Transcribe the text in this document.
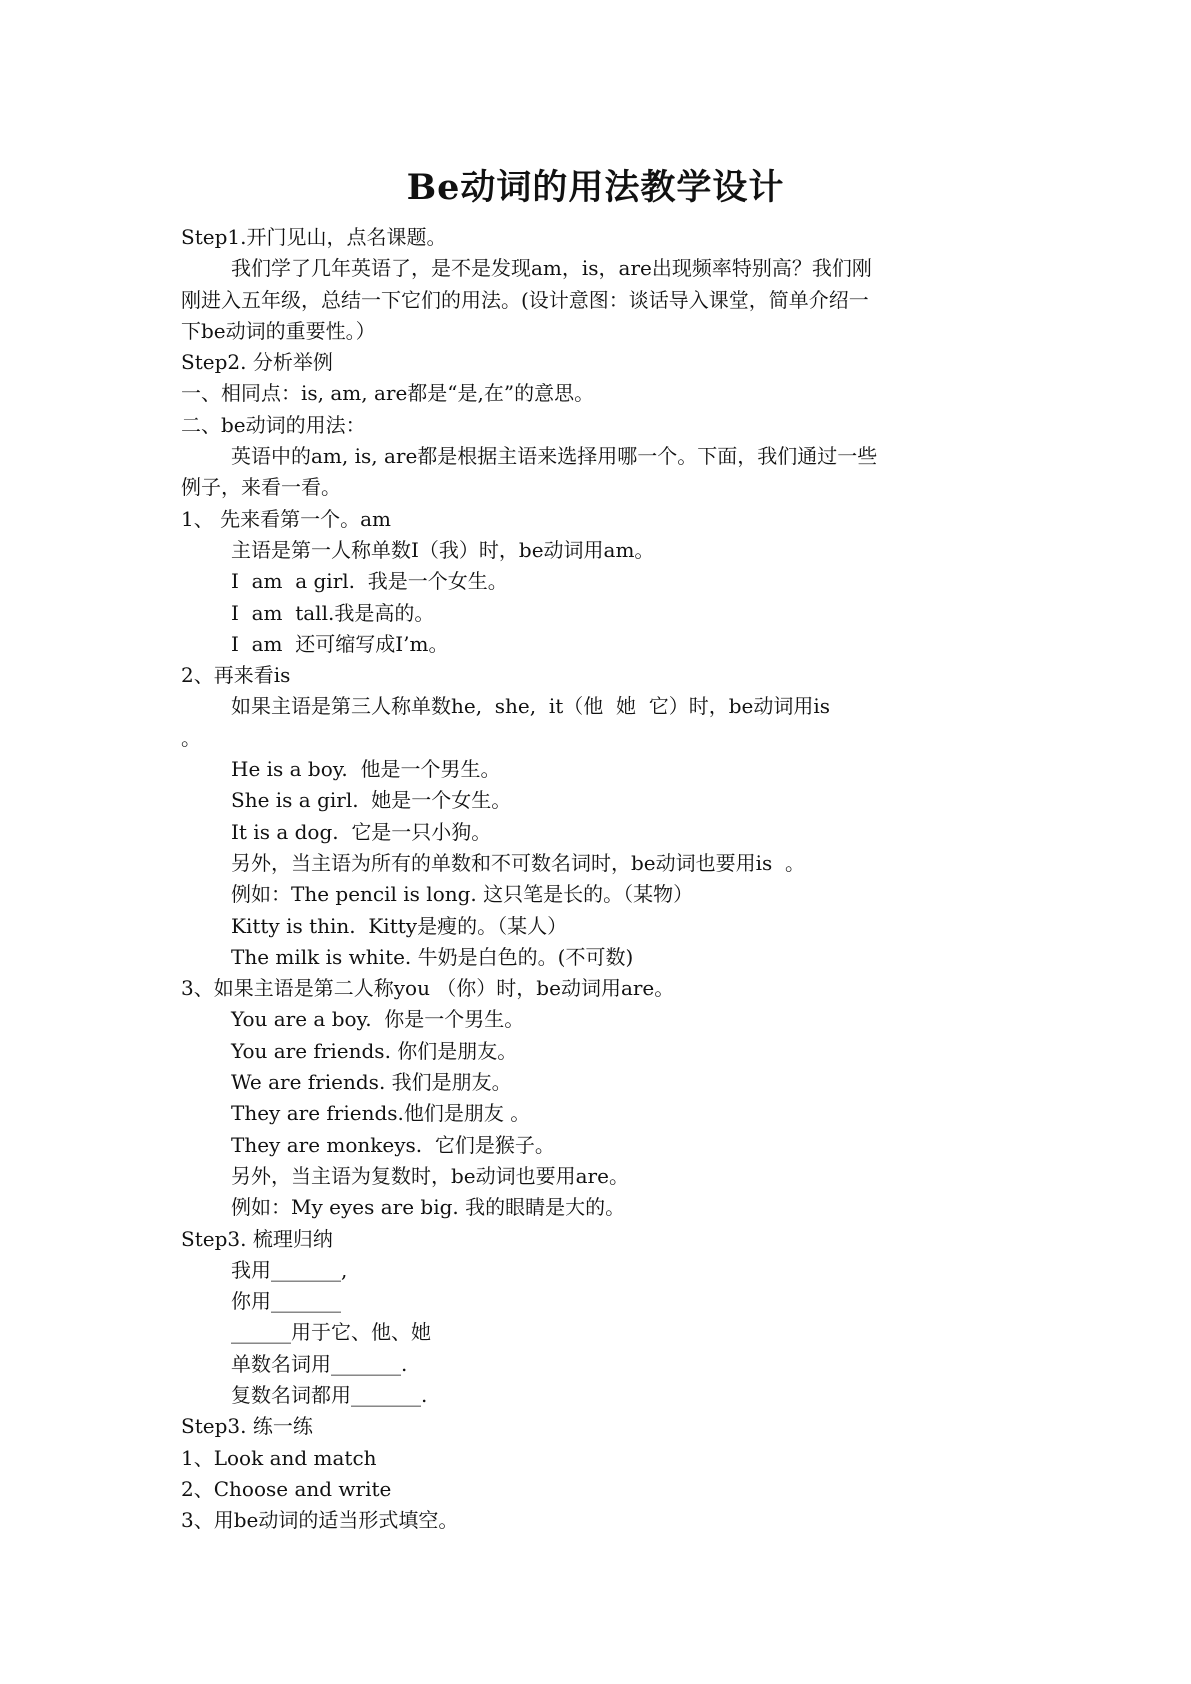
Be动词的用法教学设计
Step1.开门见山，点名课题。
我们学了几年英语了，是不是发现am，is，are出现频率特别高？我们刚
刚进入五年级，总结一下它们的用法。(设计意图：谈话导入课堂，简单介绍一
下be动词的重要性。）
Step2. 分析举例
一、相同点：is, am, are都是“是,在”的意思。
二、be动词的用法：
英语中的am, is, are都是根据主语来选择用哪一个。下面，我们通过一些
例子，来看一看。
1、 先来看第一个。am
主语是第一人称单数I（我）时，be动词用am。
I  am  a girl.  我是一个女生。
I  am  tall.我是高的。
I  am  还可缩写成I’m。
2、再来看is
如果主语是第三人称单数he,  she,  it（他  她  它）时，be动词用is
。
He is a boy.  他是一个男生。
She is a girl.  她是一个女生。
It is a dog.  它是一只小狗。
另外，当主语为所有的单数和不可数名词时，be动词也要用is  。
例如：The pencil is long. 这只笔是长的。（某物）
Kitty is thin.  Kitty是瘦的。（某人）
The milk is white. 牛奶是白色的。(不可数)
3、如果主语是第二人称you （你）时，be动词用are。
You are a boy.  你是一个男生。
You are friends. 你们是朋友。
We are friends. 我们是朋友。
They are friends.他们是朋友 。
They are monkeys.  它们是猴子。
另外，当主语为复数时，be动词也要用are。
例如：My eyes are big. 我的眼睛是大的。
Step3. 梳理归纳
我用_______,
你用_______
______用于它、他、她
单数名词用_______.
复数名词都用_______.
Step3. 练一练
1、Look and match
2、Choose and write
3、用be动词的适当形式填空。
